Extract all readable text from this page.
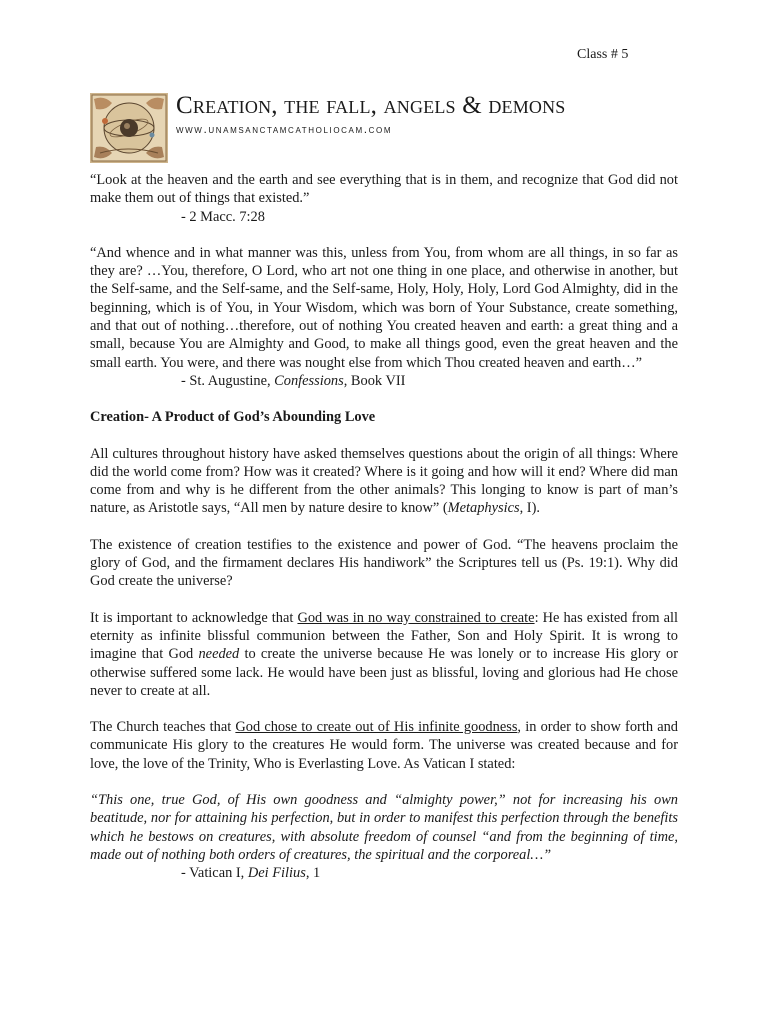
Class # 5
Creation, the fall, angels & demons
www.unamsanctamcatholiocam.com

“Look at the heaven and the earth and see everything that is in them, and recognize that God did not make them out of things that existed.”

- 2 Macc. 7:28

“And whence and in what manner was this, unless from You, from whom are all things, in so far as they are? …You, therefore, O Lord, who art not one thing in one place, and otherwise in another, but the Self-same, and the Self-same, and the Self-same, Holy, Holy, Holy, Lord God Almighty, did in the beginning, which is of You, in Your Wisdom, which was born of Your Substance, create something, and that out of nothing…therefore, out of nothing You created heaven and earth: a great thing and a small, because You are Almighty and Good, to make all things good, even the great heaven and the small earth. You were, and there was nought else from which Thou created heaven and earth…”

- St. Augustine, Confessions, Book VII

Creation- A Product of God’s Abounding Love

All cultures throughout history have asked themselves questions about the origin of all things: Where did the world come from? How was it created? Where is it going and how will it end? Where did man come from and why is he different from the other animals? This longing to know is part of man’s nature, as Aristotle says, “All men by nature desire to know” (Metaphysics, I).

The existence of creation testifies to the existence and power of God. “The heavens proclaim the glory of God, and the firmament declares His handiwork” the Scriptures tell us (Ps. 19:1). Why did God create the universe?

It is important to acknowledge that God was in no way constrained to create: He has existed from all eternity as infinite blissful communion between the Father, Son and Holy Spirit. It is wrong to imagine that God needed to create the universe because He was lonely or to increase His glory or otherwise suffered some lack. He would have been just as blissful, loving and glorious had He chose never to create at all.

The Church teaches that God chose to create out of His infinite goodness, in order to show forth and communicate His glory to the creatures He would form. The universe was created because and for love, the love of the Trinity, Who is Everlasting Love. As Vatican I stated:

“This one, true God, of His own goodness and “almighty power,” not for increasing his own beatitude, nor for attaining his perfection, but in order to manifest this perfection through the benefits which he bestows on creatures, with absolute freedom of counsel “and from the beginning of time, made out of nothing both orders of creatures, the spiritual and the corporeal…”

- Vatican I, Dei Filius, 1
